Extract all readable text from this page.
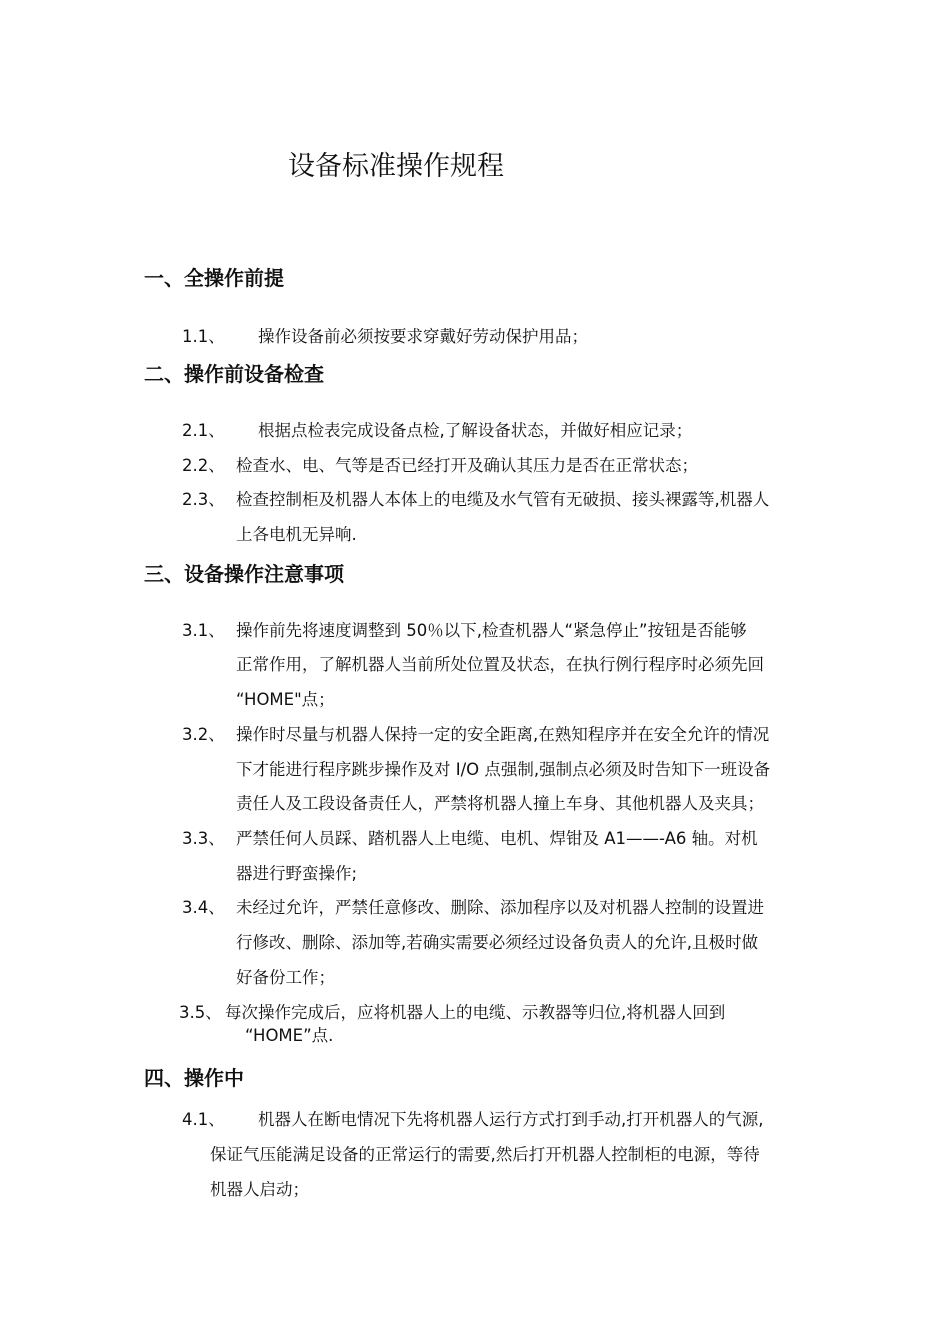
设备标准操作规程
一、全操作前提
1.1、 操作设备前必须按要求穿戴好劳动保护用品；
二、操作前设备检查
2.1、 根据点检表完成设备点检,了解设备状态，并做好相应记录；
2.2、 检查水、电、气等是否已经打开及确认其压力是否在正常状态；
2.3、 检查控制柜及机器人本体上的电缆及水气管有无破损、接头裸露等,机器人
上各电机无异响.
三、设备操作注意事项
3.1、 操作前先将速度调整到 50％以下,检查机器人“紧急停止”按钮是否能够
正常作用，了解机器人当前所处位置及状态，在执行例行程序时必须先回
“HOME"点；
3.2、 操作时尽量与机器人保持一定的安全距离,在熟知程序并在安全允许的情况
下才能进行程序跳步操作及对 I/O 点强制,强制点必须及时告知下一班设备
责任人及工段设备责任人，严禁将机器人撞上车身、其他机器人及夹具；
3.3、 严禁任何人员踩、踏机器人上电缆、电机、焊钳及 A1——-A6 轴。对机
器进行野蛮操作;
3.4、 未经过允许，严禁任意修改、删除、添加程序以及对机器人控制的设置进
行修改、删除、添加等,若确实需要必须经过设备负责人的允许,且极时做
好备份工作；
3.5、 每次操作完成后，应将机器人上的电缆、示教器等归位,将机器人回到
“HOME”点.
四、操作中
4.1、 机器人在断电情况下先将机器人运行方式打到手动,打开机器人的气源,
保证气压能满足设备的正常运行的需要,然后打开机器人控制柜的电源，等待
机器人启动；
